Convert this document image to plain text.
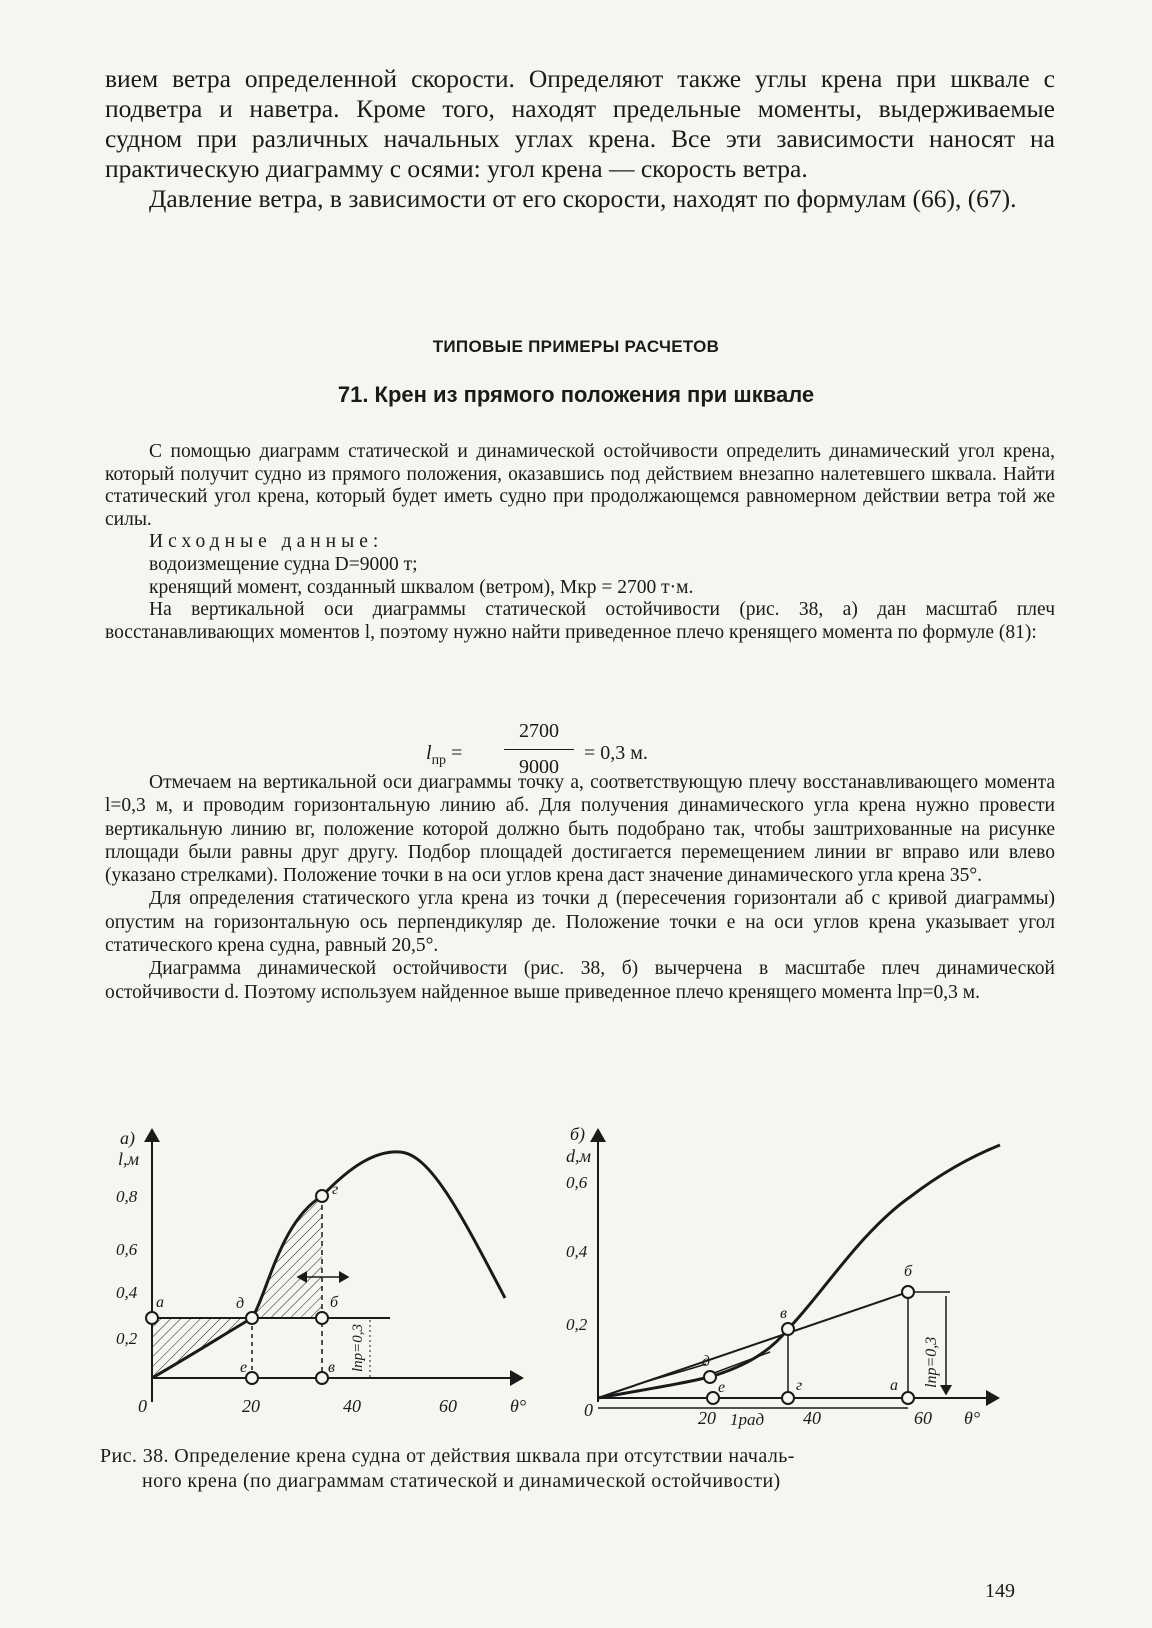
вием ветра определенной скорости. Определяют также углы крена при шквале с подветра и наветра. Кроме того, находят предельные моменты, выдерживаемые судном при различных начальных углах крена. Все эти зависимости наносят на практическую диаграмму с осями: угол крена — скорость ветра.

Давление ветра, в зависимости от его скорости, находят по формулам (66), (67).

ТИПОВЫЕ ПРИМЕРЫ РАСЧЕТОВ
71. Крен из прямого положения при шквале

С помощью диаграмм статической и динамической остойчивости определить динамический угол крена, который получит судно из прямого положения, оказавшись под действием внезапно налетевшего шквала. Найти статический угол крена, который будет иметь судно при продолжающемся равномерном действии ветра той же силы.

Исходные данные:

водоизмещение судна D=9000 т;

кренящий момент, созданный шквалом (ветром), Mкр = 2700 т·м.

На вертикальной оси диаграммы статической остойчивости (рис. 38, а) дан масштаб плеч восстанавливающих моментов l, поэтому нужно найти приведенное плечо кренящего момента по формуле (81):

$l_{пр} = \frac{2700}{9000} = 0,3$ м.

Отмечаем на вертикальной оси диаграммы точку а, соответствующую плечу восстанавливающего момента l=0,3 м, и проводим горизонтальную линию аб. Для получения динамического угла крена нужно провести вертикальную линию вг, положение которой должно быть подобрано так, чтобы заштрихованные на рисунке площади были равны друг другу. Подбор площадей достигается перемещением линии вг вправо или влево (указано стрелками). Положение точки в на оси углов крена даст значение динамического угла крена 35°.

Для определения статического угла крена из точки д (пересечения горизонтали аб с кривой диаграммы) опустим на горизонтальную ось перпендикуляр де. Положение точки е на оси углов крена указывает угол статического крена судна, равный 20,5°.

Диаграмма динамической остойчивости (рис. 38, б) вычерчена в масштабе плеч динамической остойчивости d. Поэтому используем найденное выше приведенное плечо кренящего момента lпр=0,3 м.

а)
l,м
0,8
0,6
0,4
0,2
0	20	40	60	θ°
а	д	б
г
е	в lпр=0,3
б)
d,м
0,6
0,4
0,2
0	20	40	60 θ°
1рад
б
в
д
е	г	а lпр=0,3
Рис. 38. Определение крена судна от действия шквала при отсутствии началь-
ного крена (по диаграммам статической и динамической остойчивости)
149
